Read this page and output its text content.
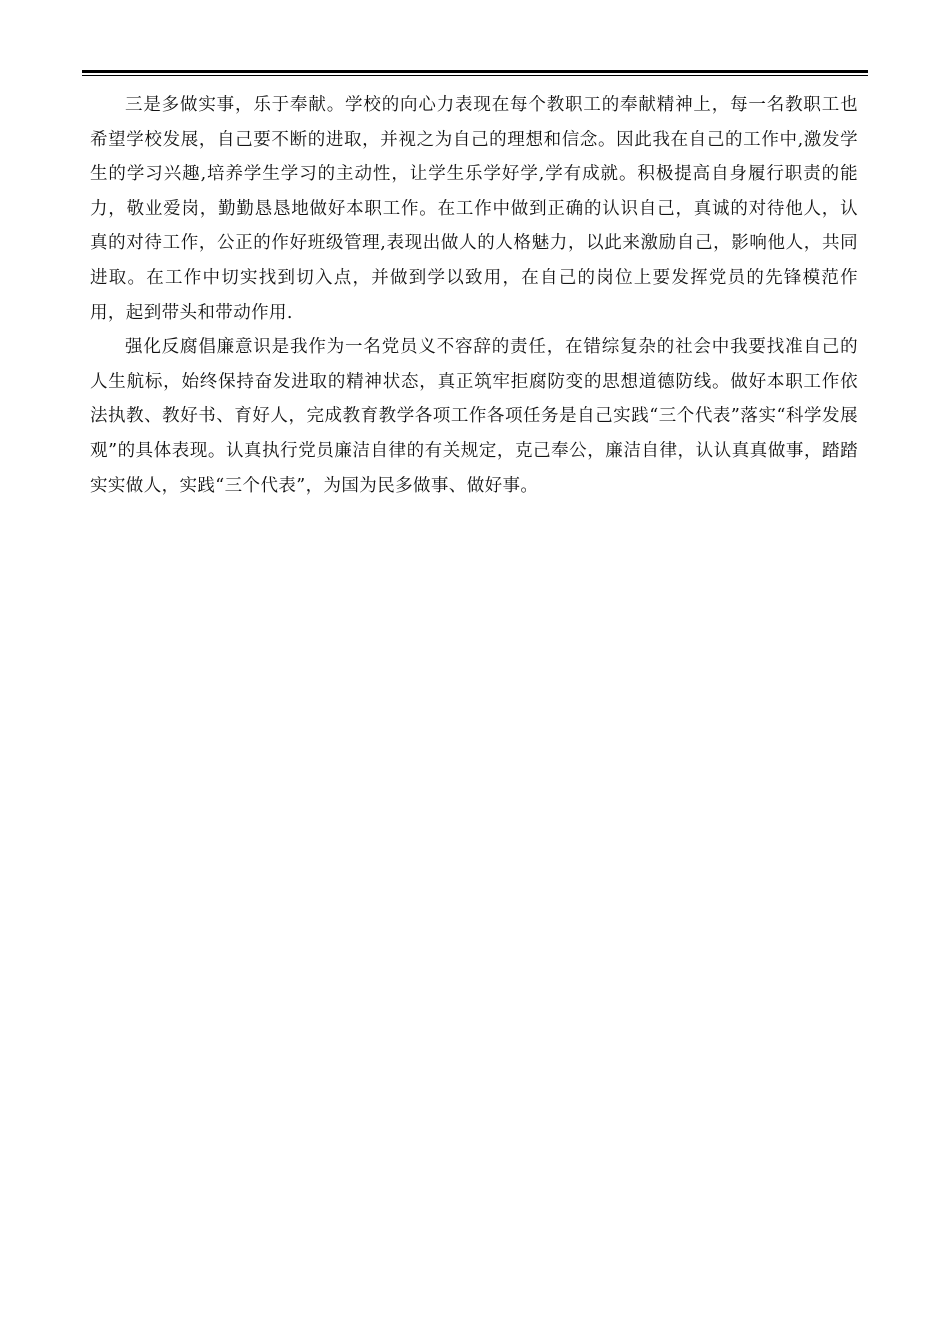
三是多做实事，乐于奉献。学校的向心力表现在每个教职工的奉献精神上，每一名教职工也希望学校发展，自己要不断的进取，并视之为自己的理想和信念。因此我在自己的工作中,激发学生的学习兴趣,培养学生学习的主动性，让学生乐学好学,学有成就。积极提高自身履行职责的能力，敬业爱岗，勤勤恳恳地做好本职工作。在工作中做到正确的认识自己，真诚的对待他人，认真的对待工作，公正的作好班级管理,表现出做人的人格魅力，以此来激励自己，影响他人，共同进取。在工作中切实找到切入点，并做到学以致用，在自己的岗位上要发挥党员的先锋模范作用，起到带头和带动作用.

强化反腐倡廉意识是我作为一名党员义不容辞的责任，在错综复杂的社会中我要找准自己的人生航标，始终保持奋发进取的精神状态，真正筑牢拒腐防变的思想道德防线。做好本职工作依法执教、教好书、育好人，完成教育教学各项工作各项任务是自己实践“三个代表”落实“科学发展观”的具体表现。认真执行党员廉洁自律的有关规定，克己奉公，廉洁自律，认认真真做事，踏踏实实做人，实践“三个代表”，为国为民多做事、做好事。
